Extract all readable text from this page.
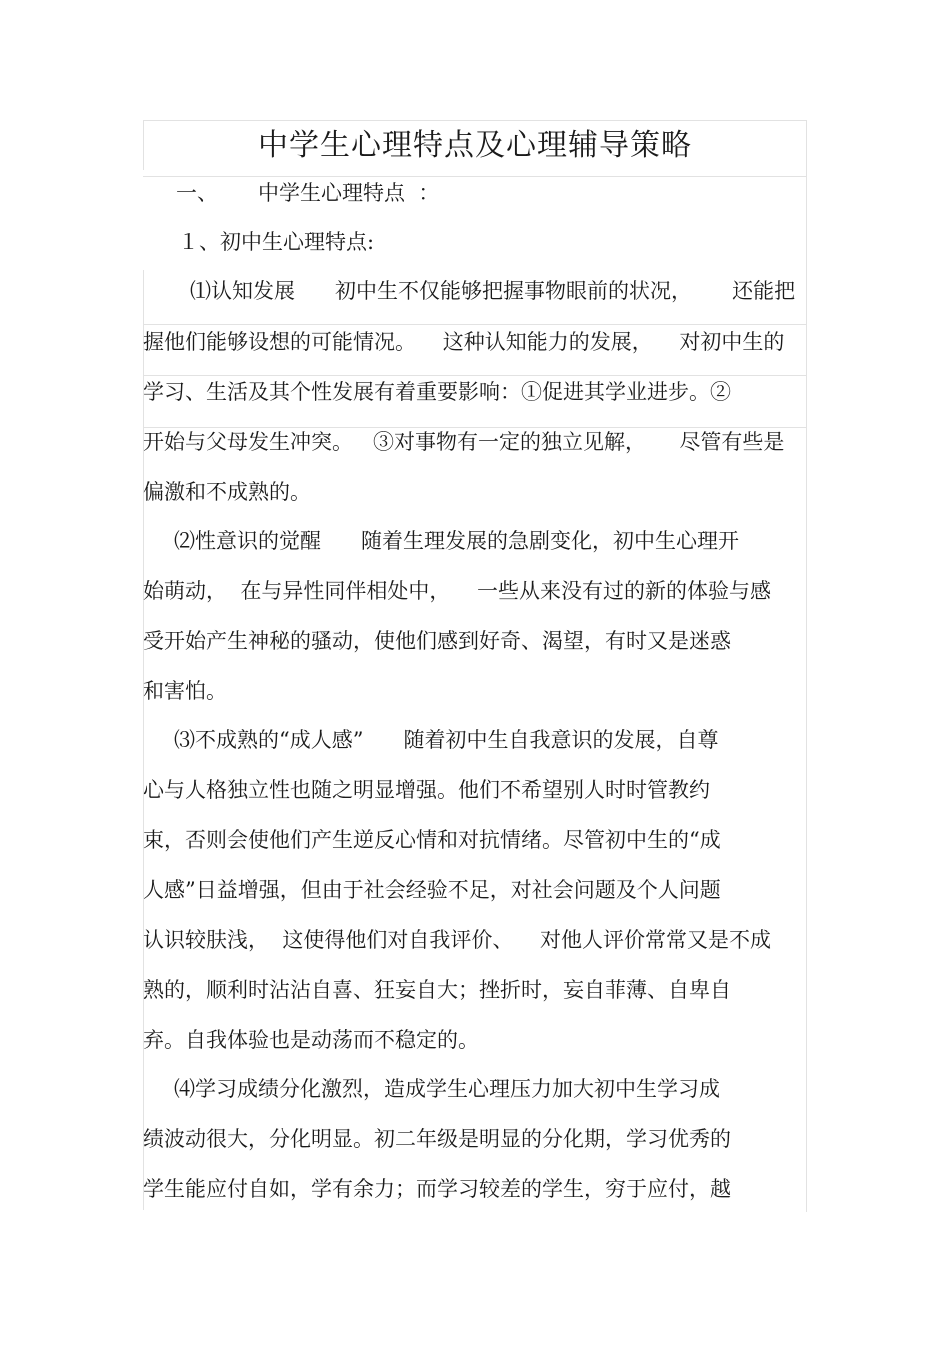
中学生心理特点及心理辅导策略
一、      中学生心理特点  ：
１、初中生心理特点:
⑴认知发展      初中生不仅能够把握事物眼前的状况，      还能把
握他们能够设想的可能情况。    这种认知能力的发展，    对初中生的
学习、生活及其个性发展有着重要影响：①促进其学业进步。②
开始与父母发生冲突。   ③对事物有一定的独立见解，     尽管有些是
偏激和不成熟的。
⑵性意识的觉醒      随着生理发展的急剧变化，初中生心理开
始萌动，  在与异性同伴相处中，    一些从来没有过的新的体验与感
受开始产生神秘的骚动，使他们感到好奇、渴望，有时又是迷惑
和害怕。
⑶不成熟的“成人感”      随着初中生自我意识的发展，自尊
心与人格独立性也随之明显增强。他们不希望别人时时管教约
束，否则会使他们产生逆反心情和对抗情绪。尽管初中生的“成
人感”日益增强，但由于社会经验不足，对社会问题及个人问题
认识较肤浅，  这使得他们对自我评价、    对他人评价常常又是不成
熟的，顺利时沾沾自喜、狂妄自大；挫折时，妄自菲薄、自卑自
弃。自我体验也是动荡而不稳定的。
⑷学习成绩分化激烈，造成学生心理压力加大初中生学习成
绩波动很大，分化明显。初二年级是明显的分化期，学习优秀的
学生能应付自如，学有余力；而学习较差的学生，穷于应付，越
